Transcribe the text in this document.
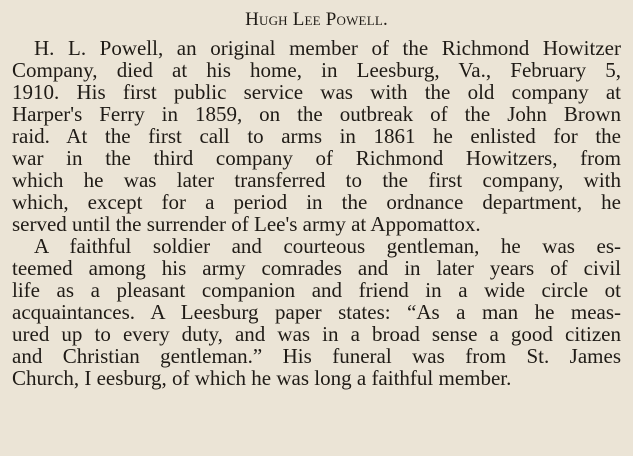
Hugh Lee Powell.
H. L. Powell, an original member of the Richmond Howitzer
Company, died at his home, in Leesburg, Va., February 5,
1910. His first public service was with the old company at
Harper's Ferry in 1859, on the outbreak of the John Brown
raid. At the first call to arms in 1861 he enlisted for the
war in the third company of Richmond Howitzers, from
which he was later transferred to the first company, with
which, except for a period in the ordnance department, he
served until the surrender of Lee's army at Appomattox.
A faithful soldier and courteous gentleman, he was es-
teemed among his army comrades and in later years of civil
life as a pleasant companion and friend in a wide circle ot
acquaintances. A Leesburg paper states: “As a man he meas-
ured up to every duty, and was in a broad sense a good citizen
and Christian gentleman.” His funeral was from St. James
Church, I eesburg, of which he was long a faithful member.
